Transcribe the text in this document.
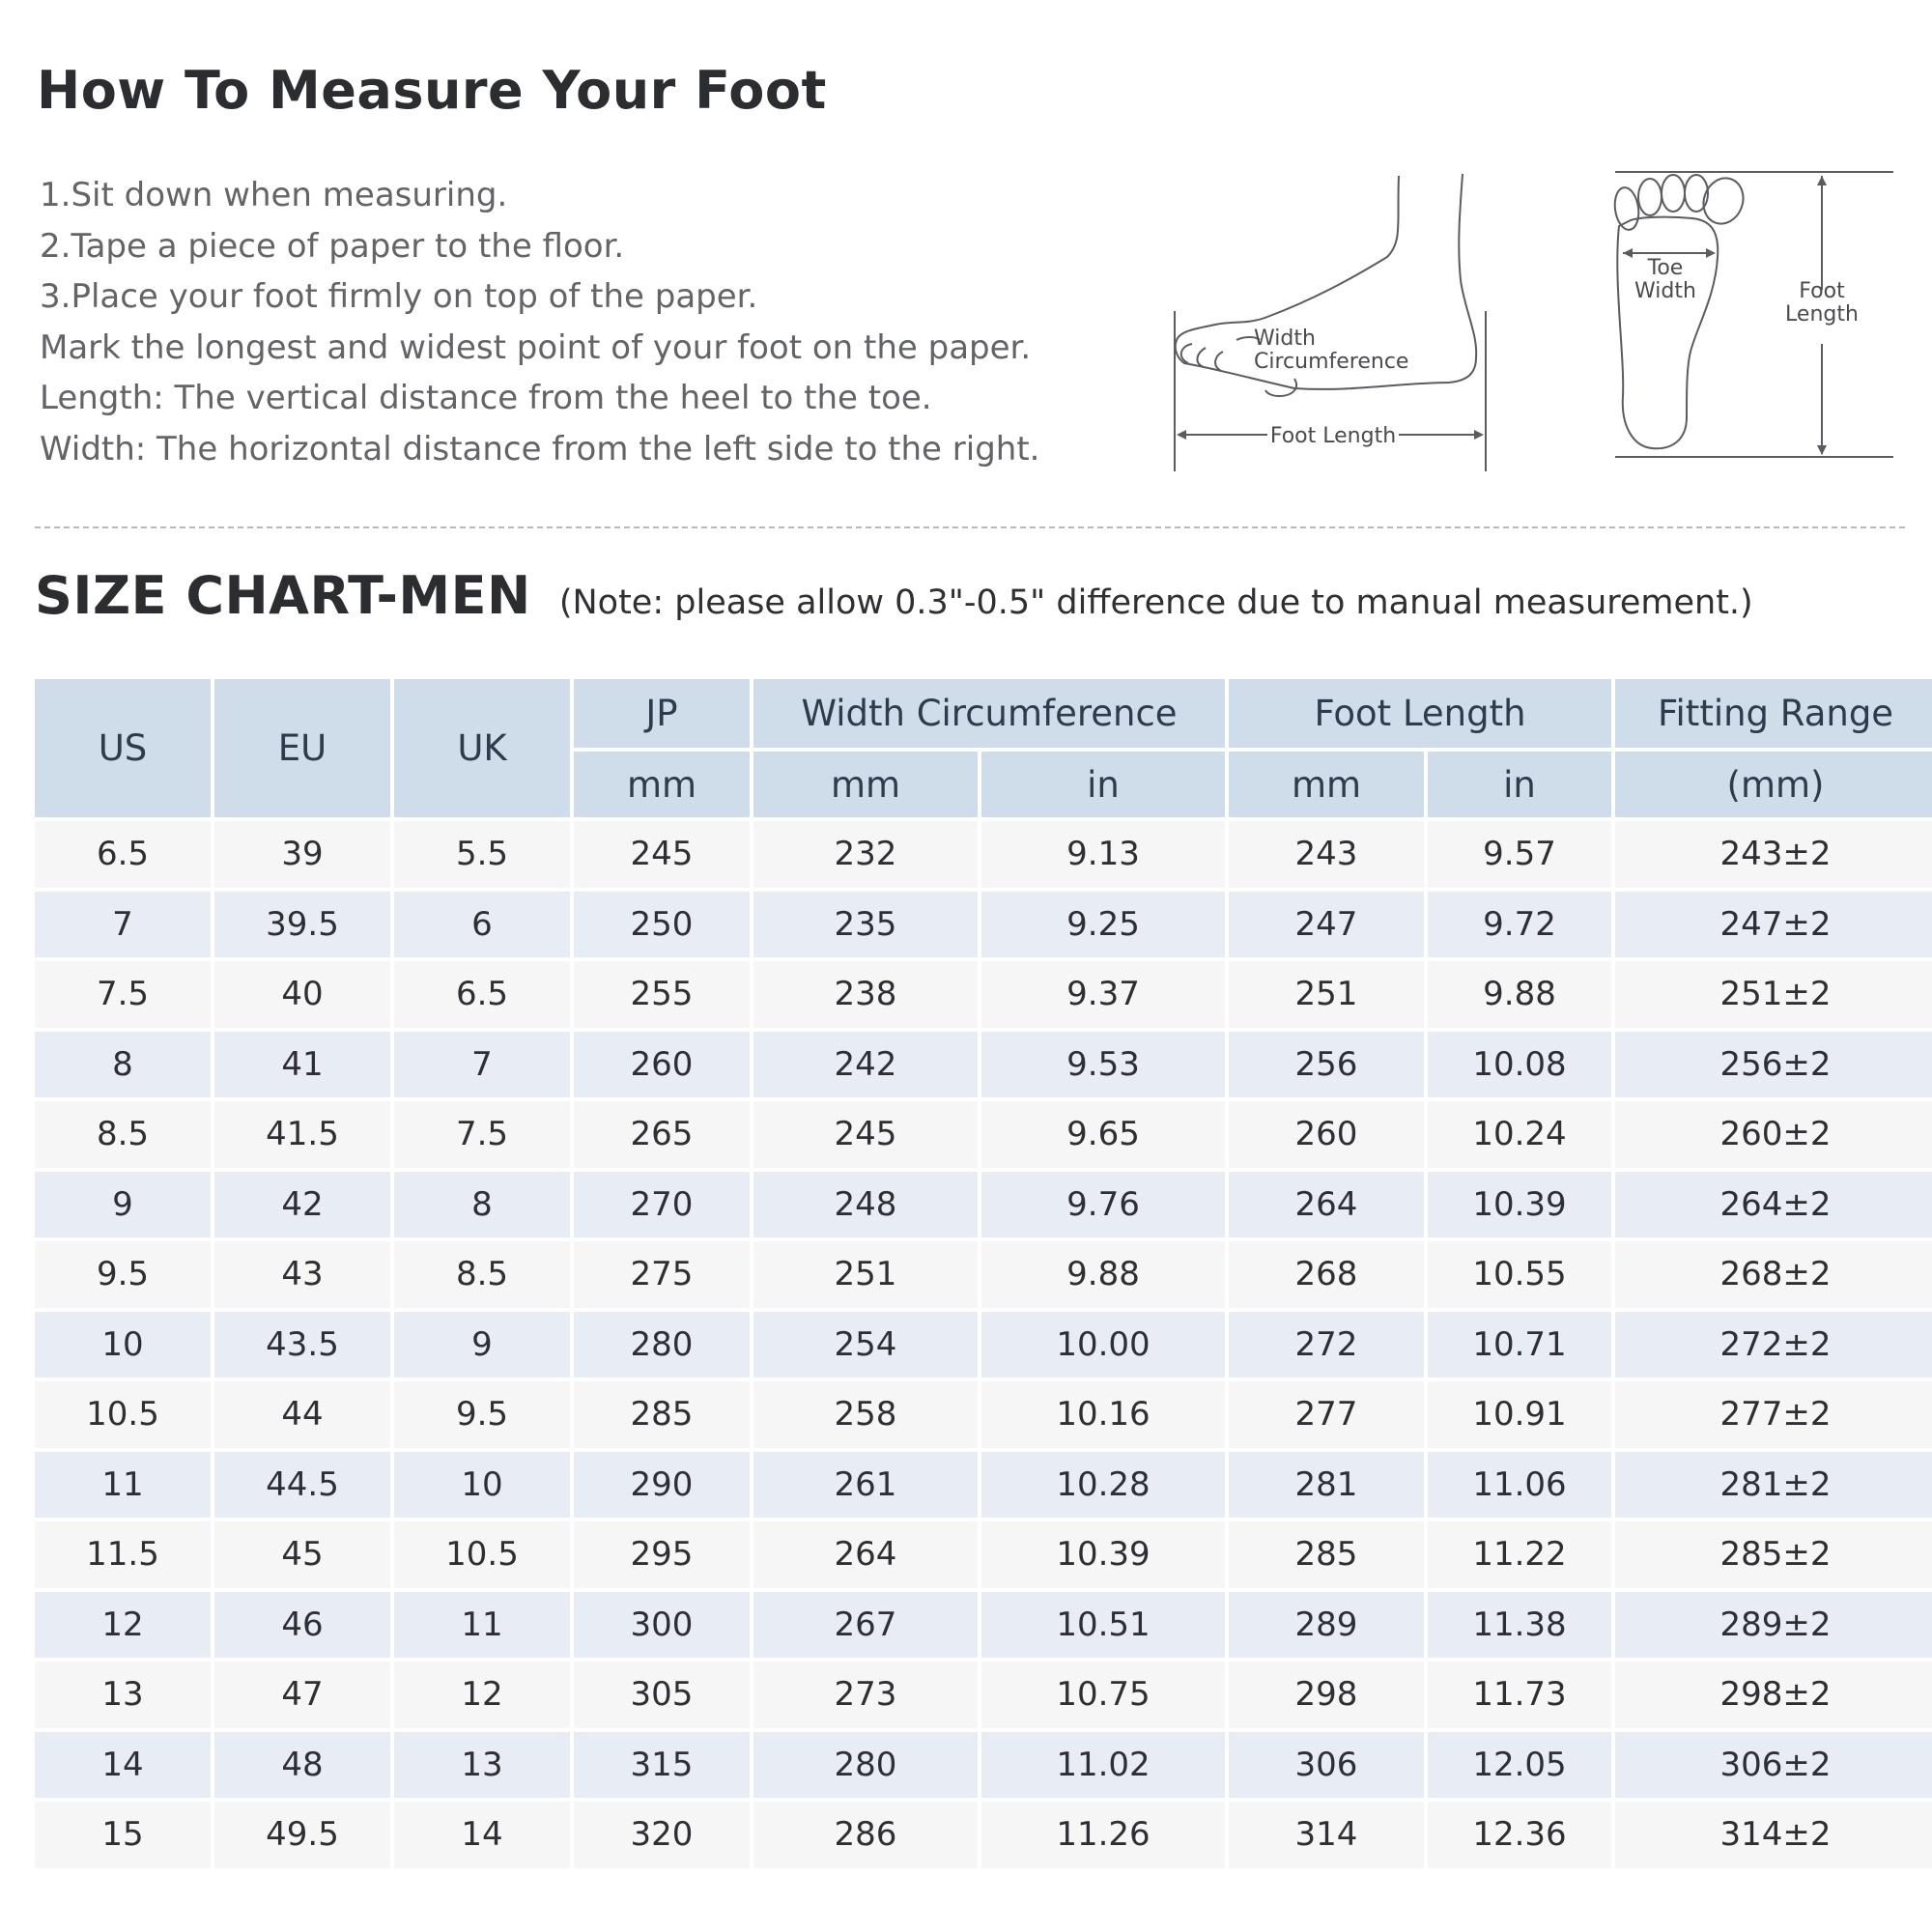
How To Measure Your Foot
1.Sit down when measuring.
2.Tape a piece of paper to the floor.
3.Place your foot firmly on top of the paper.
Mark the longest and widest point of your foot on the paper.
Length: The vertical distance from the heel to the toe.
Width: The horizontal distance from the left side to the right.
Width
Circumference
Foot Length
Toe
Width	Foot
Length
SIZE CHART-MEN (Note: please allow 0.3"-0.5" difference due to manual measurement.)
US	EU	UK	JP	Width Circumference		Foot Length		Fitting Range
			mm	mm	in	mm	in	(mm)
6.5	39	5.5	245	232	9.13	243	9.57	243±2
7	39.5	6	250	235	9.25	247	9.72	247±2
7.5	40	6.5	255	238	9.37	251	9.88	251±2
8	41	7	260	242	9.53	256	10.08	256±2
8.5	41.5	7.5	265	245	9.65	260	10.24	260±2
9	42	8	270	248	9.76	264	10.39	264±2
9.5	43	8.5	275	251	9.88	268	10.55	268±2
10	43.5	9	280	254	10.00	272	10.71	272±2
10.5	44	9.5	285	258	10.16	277	10.91	277±2
11	44.5	10	290	261	10.28	281	11.06	281±2
11.5	45	10.5	295	264	10.39	285	11.22	285±2
12	46	11	300	267	10.51	289	11.38	289±2
13	47	12	305	273	10.75	298	11.73	298±2
14	48	13	315	280	11.02	306	12.05	306±2
15	49.5	14	320	286	11.26	314	12.36	314±2
